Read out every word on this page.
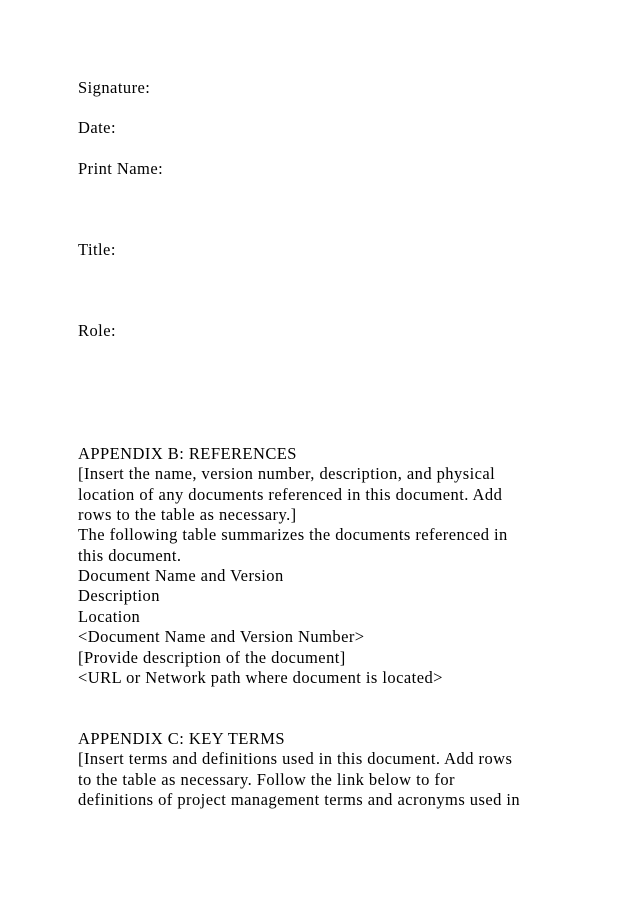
Signature:

Date:

Print Name:

Title:

Role:

APPENDIX B: REFERENCES

[Insert the name, version number, description, and physical

location of any documents referenced in this document. Add

rows to the table as necessary.]

The following table summarizes the documents referenced in

this document.

Document Name and Version

Description

Location

<Document Name and Version Number>

[Provide description of the document]

<URL or Network path where document is located>

APPENDIX C: KEY TERMS

[Insert terms and definitions used in this document. Add rows

to the table as necessary. Follow the link below to for

definitions of project management terms and acronyms used in
